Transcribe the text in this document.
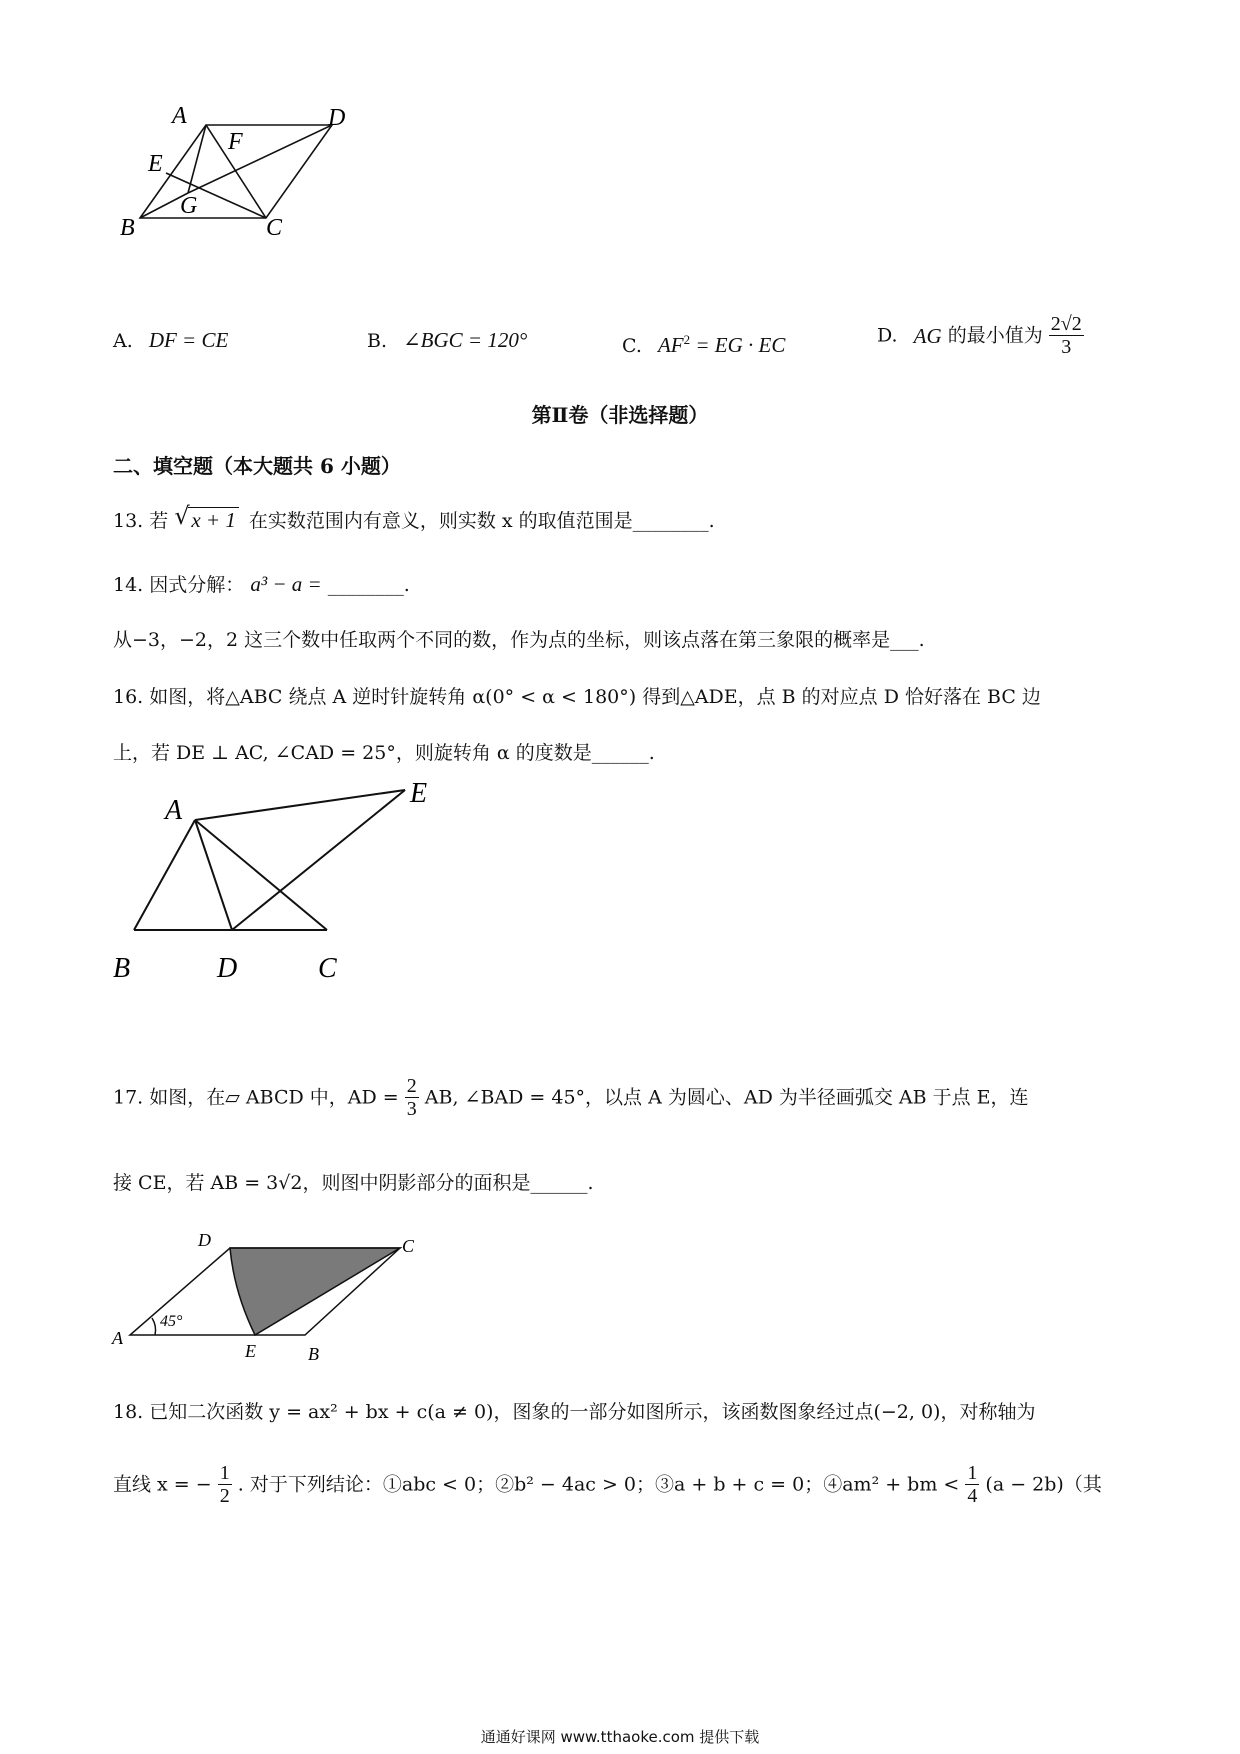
A	D
F
E
G
B	C
A. DF = CE	B. ∠BGC = 120°	C. $AF^2$ = EG · EC	D. AG 的最小值为 $\frac{2√2}{3}$
第Ⅱ卷（非选择题）
二、填空题（本大题共 6 小题）
13. 若 √ x + 1 在实数范围内有意义，则实数 x 的取值范围是________.
14. 因式分解： a³ − a = ________.
从−3，−2，2 这三个数中任取两个不同的数，作为点的坐标，则该点落在第三象限的概率是___.
16. 如图，将△ABC 绕点 A 逆时针旋转角 α(0° < α < 180°) 得到△ADE，点 B 的对应点 D 恰好落在 BC 边
上，若 DE ⊥ AC, ∠CAD = 25°，则旋转角 α 的度数是______.
A
E
B	D	C
17. 如图，在▱ ABCD 中，AD = $\frac{2}{3}$ AB, ∠BAD = 45°，以点 A 为圆心、AD 为半径画弧交 AB 于点 E，连
接 CE，若 AB = 3√2，则图中阴影部分的面积是______.
D	C
A
E	B
45°
18. 已知二次函数 y = ax² + bx + c(a ≠ 0)，图象的一部分如图所示，该函数图象经过点(−2, 0)，对称轴为
直线 x = − $\frac{1}{2}$ . 对于下列结论：①abc < 0；②b² − 4ac > 0；③a + b + c = 0；④am² + bm < $\frac{1}{4} (a - 2b)$（其
通通好课网 www.tthaoke.com 提供下载
